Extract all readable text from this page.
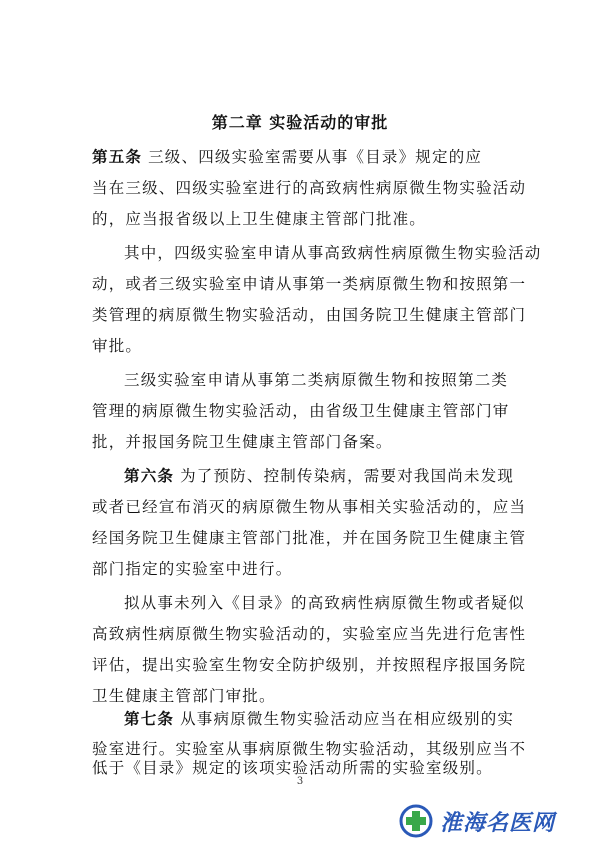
第二章 实验活动的审批
第五条 三级、四级实验室需要从事《目录》规定的应
当在三级、四级实验室进行的高致病性病原微生物实验活动
的，应当报省级以上卫生健康主管部门批准。
其中，四级实验室申请从事高致病性病原微生物实验活动
动，或者三级实验室申请从事第一类病原微生物和按照第一
类管理的病原微生物实验活动，由国务院卫生健康主管部门
审批。
三级实验室申请从事第二类病原微生物和按照第二类
管理的病原微生物实验活动，由省级卫生健康主管部门审
批，并报国务院卫生健康主管部门备案。
第六条 为了预防、控制传染病，需要对我国尚未发现
或者已经宣布消灭的病原微生物从事相关实验活动的，应当
经国务院卫生健康主管部门批准，并在国务院卫生健康主管
部门指定的实验室中进行。
拟从事未列入《目录》的高致病性病原微生物或者疑似
高致病性病原微生物实验活动的，实验室应当先进行危害性
评估，提出实验室生物安全防护级别，并按照程序报国务院
卫生健康主管部门审批。
第七条 从事病原微生物实验活动应当在相应级别的实
验室进行。实验室从事病原微生物实验活动，其级别应当不
3
低于《目录》规定的该项实验活动所需的实验室级别。
淮海名医网
